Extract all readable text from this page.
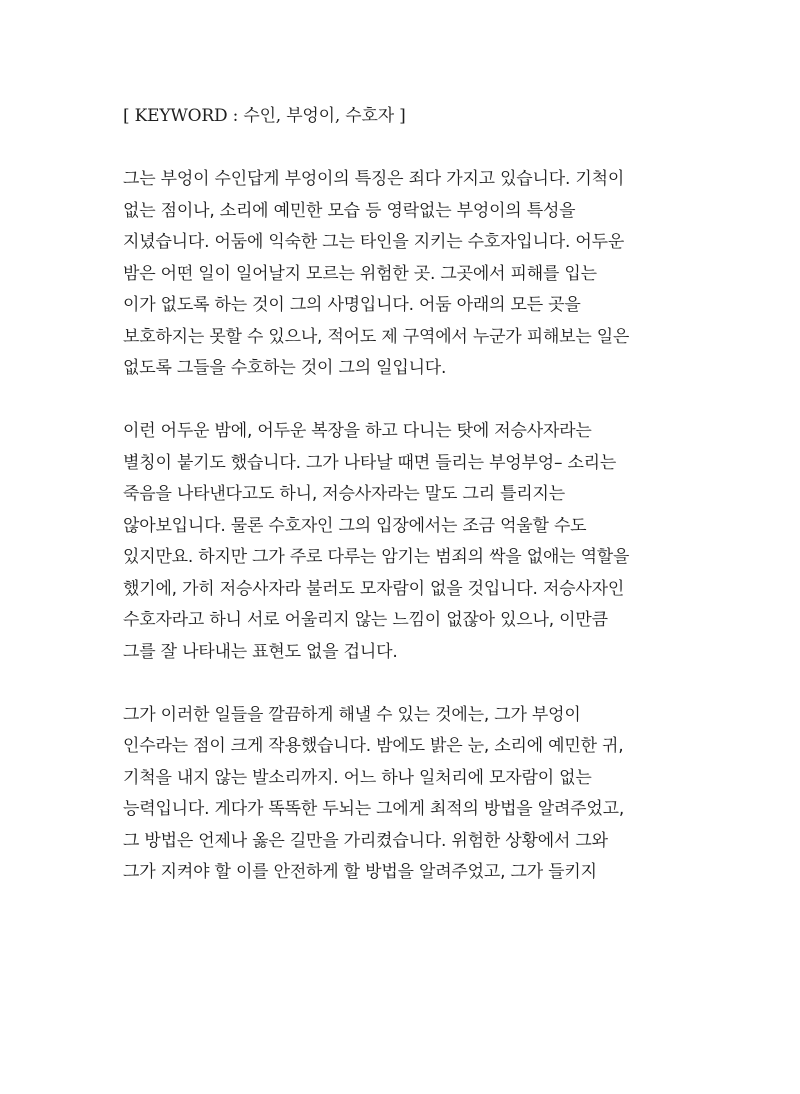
[ KEYWORD : 수인, 부엉이, 수호자 ]
그는 부엉이 수인답게 부엉이의 특징은 죄다 가지고 있습니다. 기척이
없는 점이나, 소리에 예민한 모습 등 영락없는 부엉이의 특성을
지녔습니다. 어둠에 익숙한 그는 타인을 지키는 수호자입니다. 어두운
밤은 어떤 일이 일어날지 모르는 위험한 곳. 그곳에서 피해를 입는
이가 없도록 하는 것이 그의 사명입니다. 어둠 아래의 모든 곳을
보호하지는 못할 수 있으나, 적어도 제 구역에서 누군가 피해보는 일은
없도록 그들을 수호하는 것이 그의 일입니다.
이런 어두운 밤에, 어두운 복장을 하고 다니는 탓에 저승사자라는
별칭이 붙기도 했습니다. 그가 나타날 때면 들리는 부엉부엉– 소리는
죽음을 나타낸다고도 하니, 저승사자라는 말도 그리 틀리지는
않아보입니다. 물론 수호자인 그의 입장에서는 조금 억울할 수도
있지만요. 하지만 그가 주로 다루는 암기는 범죄의 싹을 없애는 역할을
했기에, 가히 저승사자라 불러도 모자람이 없을 것입니다. 저승사자인
수호자라고 하니 서로 어울리지 않는 느낌이 없잖아 있으나, 이만큼
그를 잘 나타내는 표현도 없을 겁니다.
그가 이러한 일들을 깔끔하게 해낼 수 있는 것에는, 그가 부엉이
인수라는 점이 크게 작용했습니다. 밤에도 밝은 눈, 소리에 예민한 귀,
기척을 내지 않는 발소리까지. 어느 하나 일처리에 모자람이 없는
능력입니다. 게다가 똑똑한 두뇌는 그에게 최적의 방법을 알려주었고,
그 방법은 언제나 옳은 길만을 가리켰습니다. 위험한 상황에서 그와
그가 지켜야 할 이를 안전하게 할 방법을 알려주었고, 그가 들키지
